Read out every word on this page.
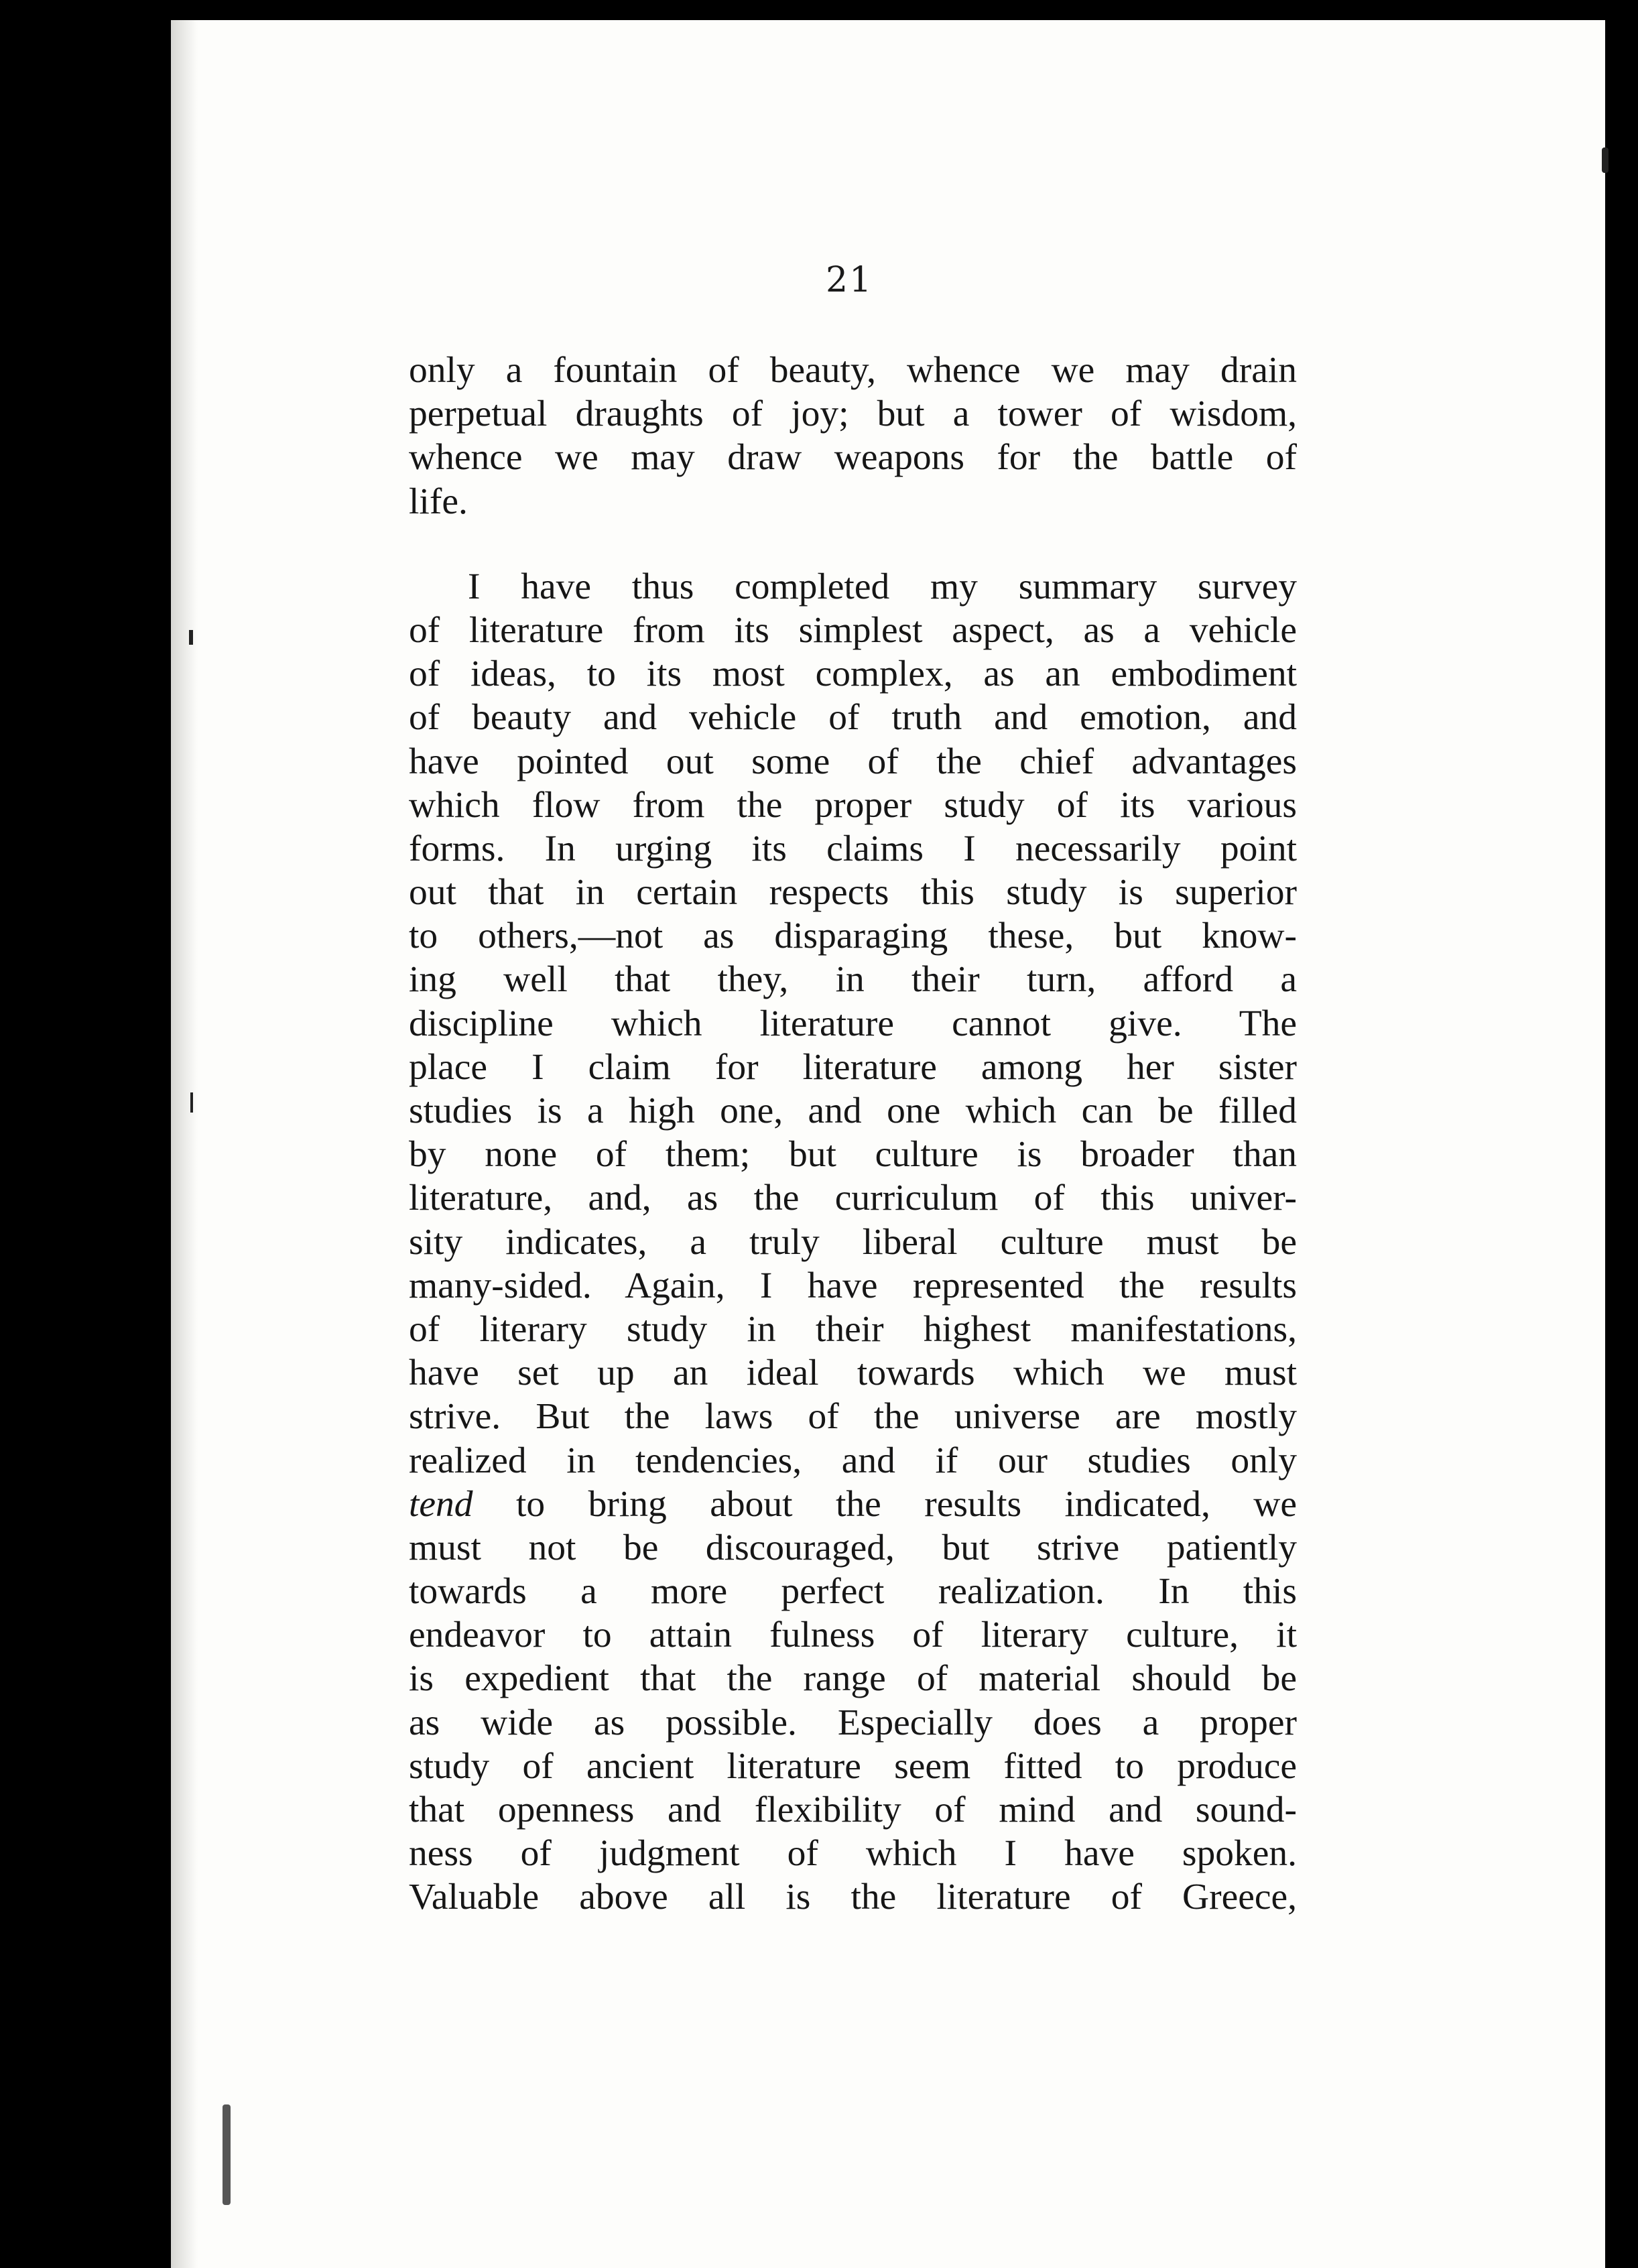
21
only a fountain of beauty, whence we may drain
perpetual draughts of joy; but a tower of wisdom,
whence we may draw weapons for the battle of
life.
I have thus completed my summary survey
of literature from its simplest aspect, as a vehicle
of ideas, to its most complex, as an embodiment
of beauty and vehicle of truth and emotion, and
have pointed out some of the chief advantages
which flow from the proper study of its various
forms. In urging its claims I necessarily point
out that in certain respects this study is superior
to others,—not as disparaging these, but know-
ing well that they, in their turn, afford a
discipline which literature cannot give. The
place I claim for literature among her sister
studies is a high one, and one which can be filled
by none of them; but culture is broader than
literature, and, as the curriculum of this univer-
sity indicates, a truly liberal culture must be
many-sided. Again, I have represented the results
of literary study in their highest manifestations,
have set up an ideal towards which we must
strive. But the laws of the universe are mostly
realized in tendencies, and if our studies only
tend to bring about the results indicated, we
must not be discouraged, but strive patiently
towards a more perfect realization. In this
endeavor to attain fulness of literary culture, it
is expedient that the range of material should be
as wide as possible. Especially does a proper
study of ancient literature seem fitted to produce
that openness and flexibility of mind and sound-
ness of judgment of which I have spoken.
Valuable above all is the literature of Greece,
